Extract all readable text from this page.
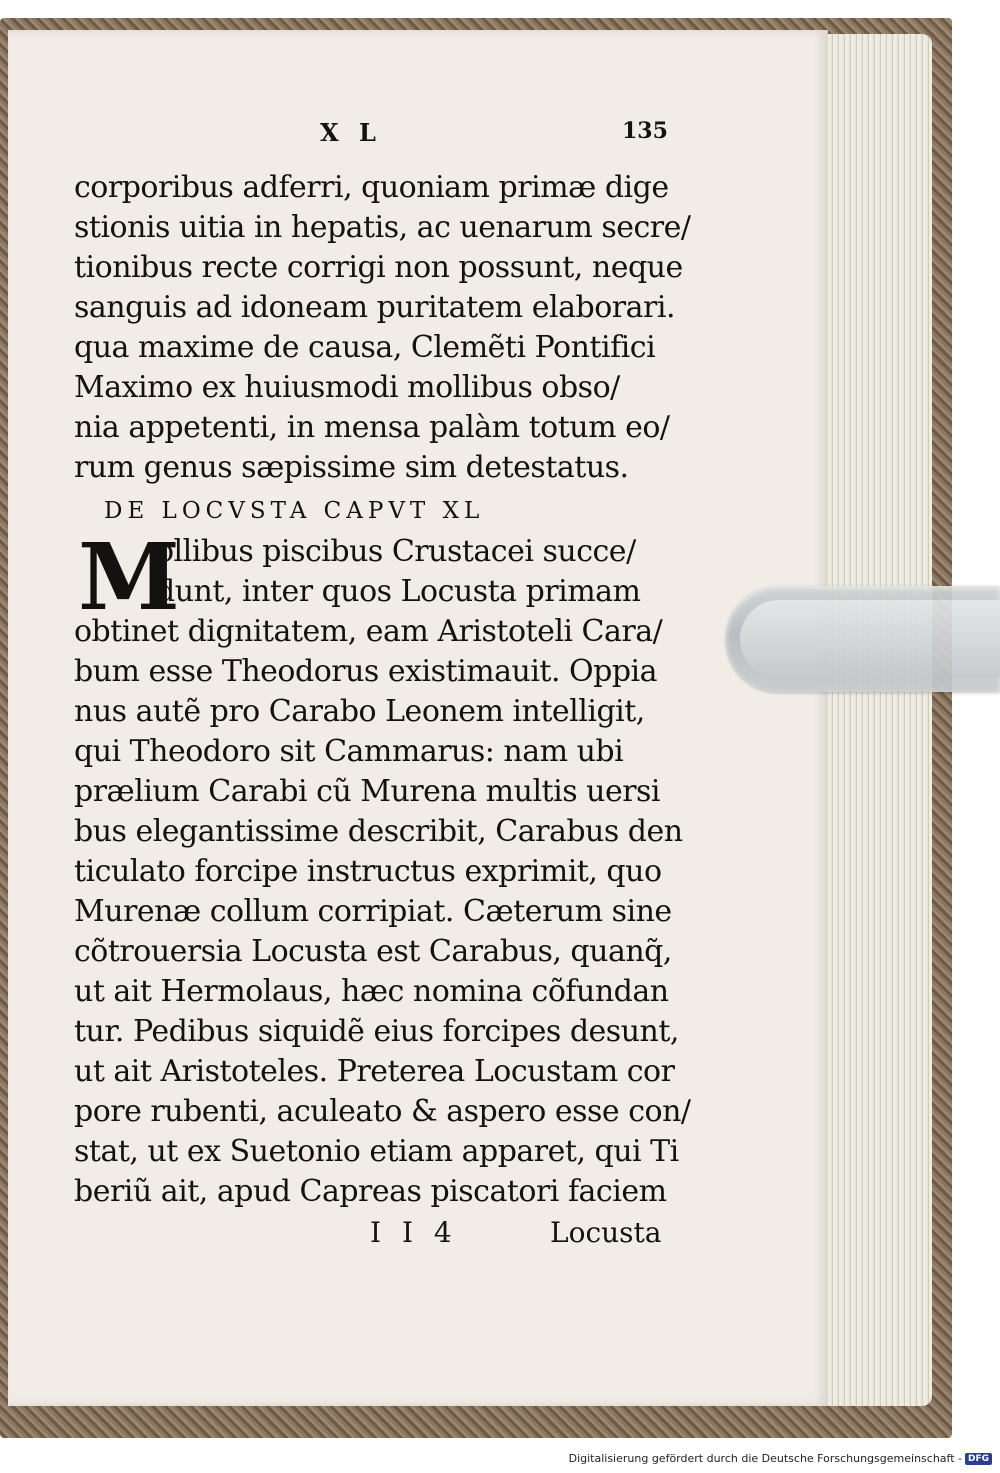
X L	135
corporibus adferri, quoniam primæ dige
stionis uitia in hepatis, ac uenarum secre/
tionibus recte corrigi non possunt, neque
sanguis ad idoneam puritatem elaborari.
qua maxime de causa, Clemẽti Pontifici
Maximo ex huiusmodi mollibus obso/
nia appetenti, in mensa palàm totum eo/
rum genus sæpissime sim detestatus.
DE LOCVSTA CAPVT XL
M
ollibus piscibus Crustacei succe/
dunt, inter quos Locusta primam
obtinet dignitatem, eam Aristoteli Cara/
bum esse Theodorus existimauit. Oppia
nus autẽ pro Carabo Leonem intelligit,
qui Theodoro sit Cammarus: nam ubi
prælium Carabi cũ Murena multis uersi
bus elegantissime describit, Carabus den
ticulato forcipe instructus exprimit, quo
Murenæ collum corripiat. Cæterum sine
cõtrouersia Locusta est Carabus, quanq̃,
ut ait Hermolaus, hæc nomina cõfundan
tur. Pedibus siquidẽ eius forcipes desunt,
ut ait Aristoteles. Preterea Locustam cor
pore rubenti, aculeato & aspero esse con/
stat, ut ex Suetonio etiam apparet, qui Ti
beriũ ait, apud Capreas piscatori faciem
I I 4	Locusta
Digitalisierung gefördert durch die Deutsche Forschungsgemeinschaft - DFG
